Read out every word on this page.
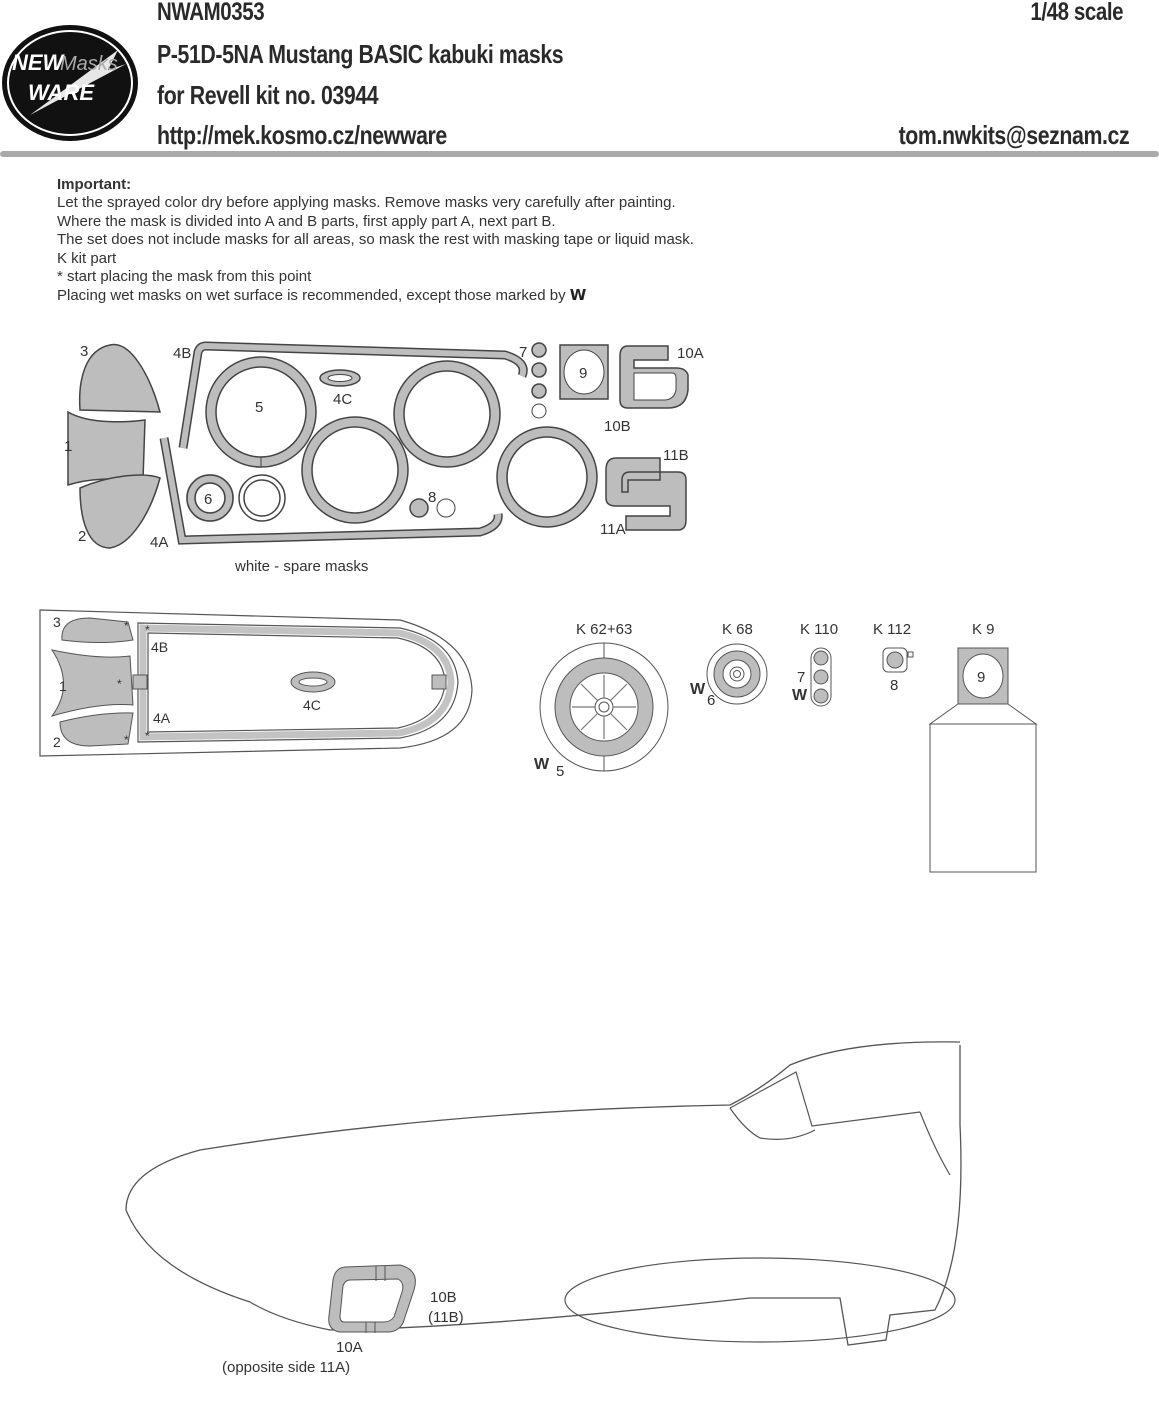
NEW
Masks
WARE
NWAM0353	1/48 scale
P-51D-5NA Mustang BASIC kabuki masks
for Revell kit no. 03944
http://mek.kosmo.cz/newware	tom.nwkits@seznam.cz
Important:
Let the sprayed color dry before applying masks. Remove masks very carefully after painting.
Where the mask is divided into A and B parts, first apply part A, next part B.
The set does not include masks for all areas, so mask the rest with masking tape or liquid mask.
K kit part
* start placing the mask from this point
Placing wet masks on wet surface is recommended, except those marked by W
3
1
2
4B
4A
5	4C
6	8
7
9
10A
10B
11B
11A
white - spare masks
3
1
2
4B
4A
* *
*
* *
4C
K 62+63
W 5
K 68
W
6
K 110
7
W
K 112
8
K 9
9
10B
(11B)
10A
(opposite side 11A)
